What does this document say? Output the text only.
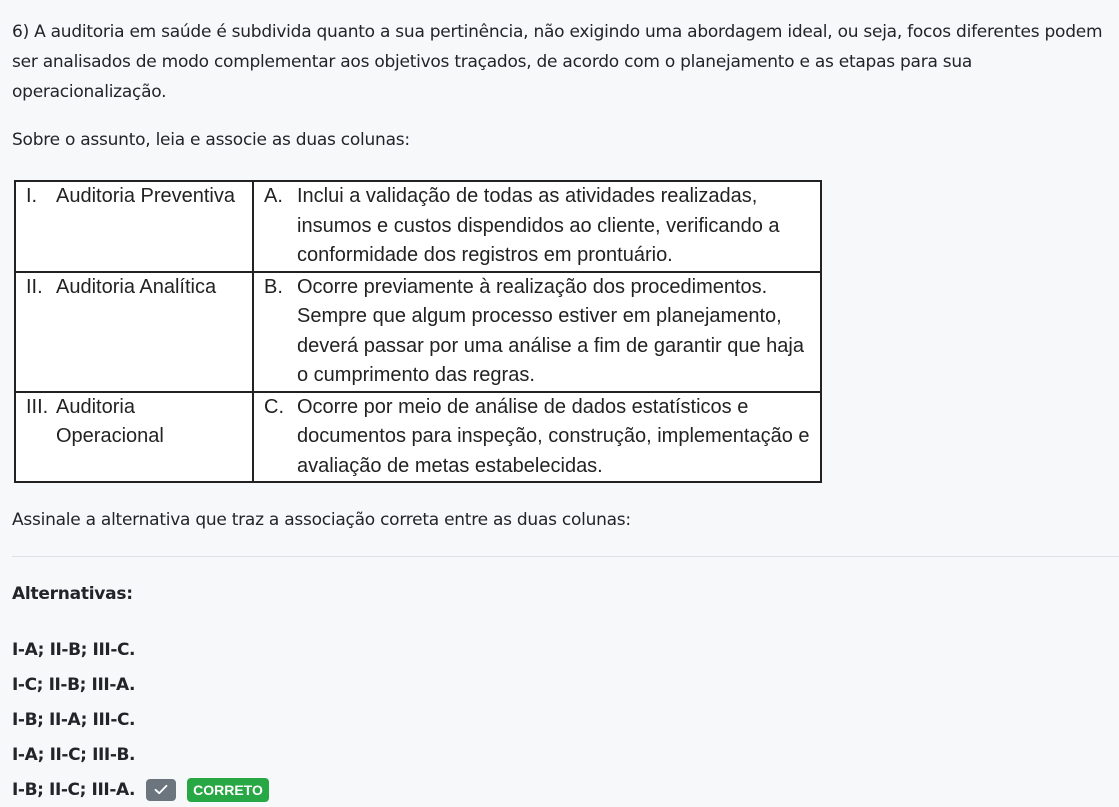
6) A auditoria em saúde é subdivida quanto a sua pertinência, não exigindo uma abordagem ideal, ou seja, focos diferentes podem ser analisados de modo complementar aos objetivos traçados, de acordo com o planejamento e as etapas para sua operacionalização.

Sobre o assunto, leia e associe as duas colunas:

I. Auditoria Preventiva	A. Inclui a validação de todas as atividades realizadas, insumos e custos dispendidos ao cliente, verificando a conformidade dos registros em prontuário.

II. Auditoria Analítica	B. Ocorre previamente à realização dos procedimentos. Sempre que algum processo estiver em planejamento, deverá passar por uma análise a fim de garantir que haja o cumprimento das regras.

III. Auditoria Operacional	C. Ocorre por meio de análise de dados estatísticos e documentos para inspeção, construção, implementação e avaliação de metas estabelecidas.

Assinale a alternativa que traz a associação correta entre as duas colunas:

Alternativas:

I-A; II-B; III-C.
I-C; II-B; III-A.
I-B; II-A; III-C.
I-A; II-C; III-B.
I-B; II-C; III-A.	CORRETO
